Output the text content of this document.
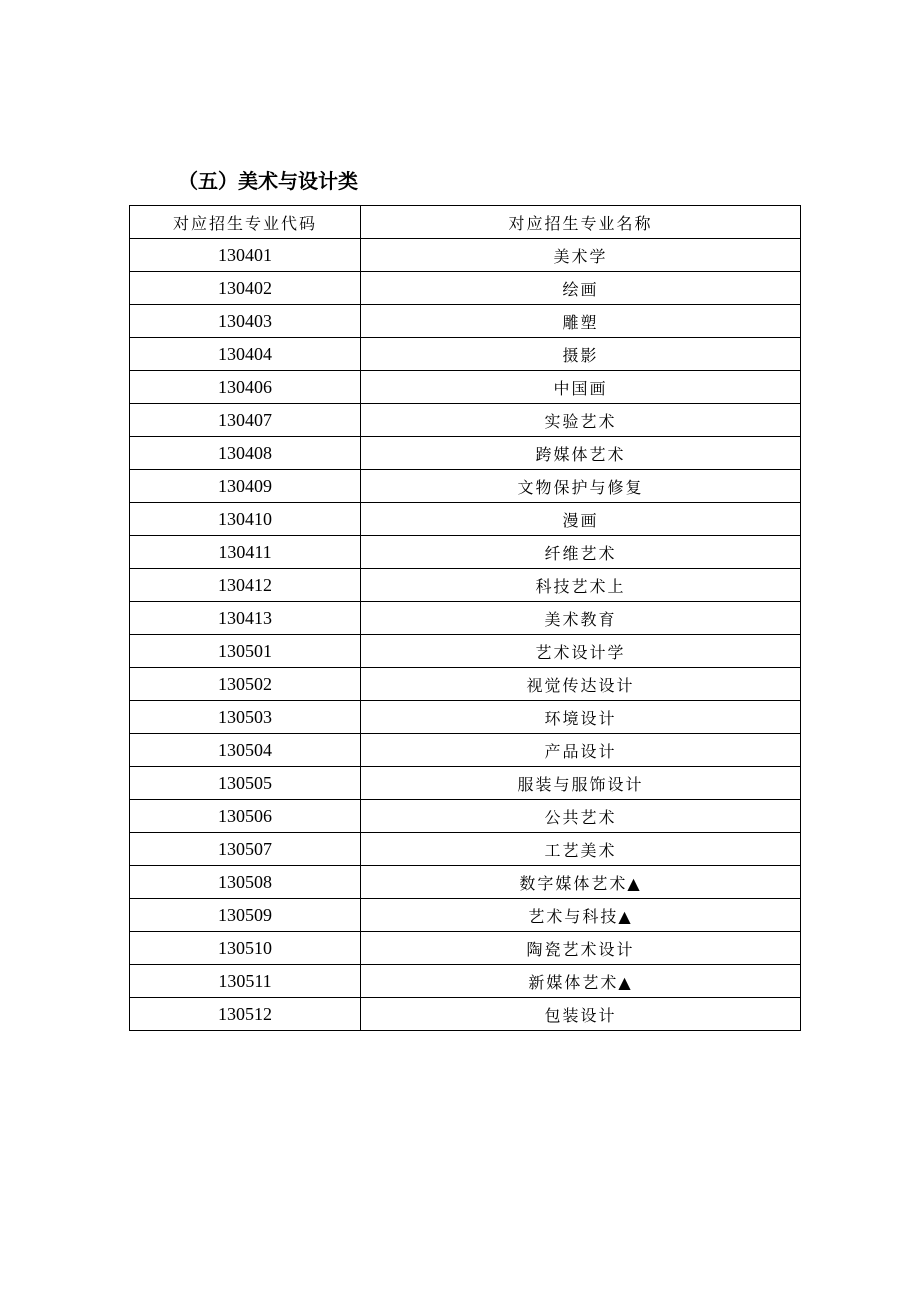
（五）美术与设计类
对应招生专业代码	对应招生专业名称
130401	美术学
130402	绘画
130403	雕塑
130404	摄影
130406	中国画
130407	实验艺术
130408	跨媒体艺术
130409	文物保护与修复
130410	漫画
130411	纤维艺术
130412	科技艺术上
130413	美术教育
130501	艺术设计学
130502	视觉传达设计
130503	环境设计
130504	产品设计
130505	服装与服饰设计
130506	公共艺术
130507	工艺美术
130508	数字媒体艺术▲
130509	艺术与科技▲
130510	陶瓷艺术设计
130511	新媒体艺术▲
130512	包装设计
